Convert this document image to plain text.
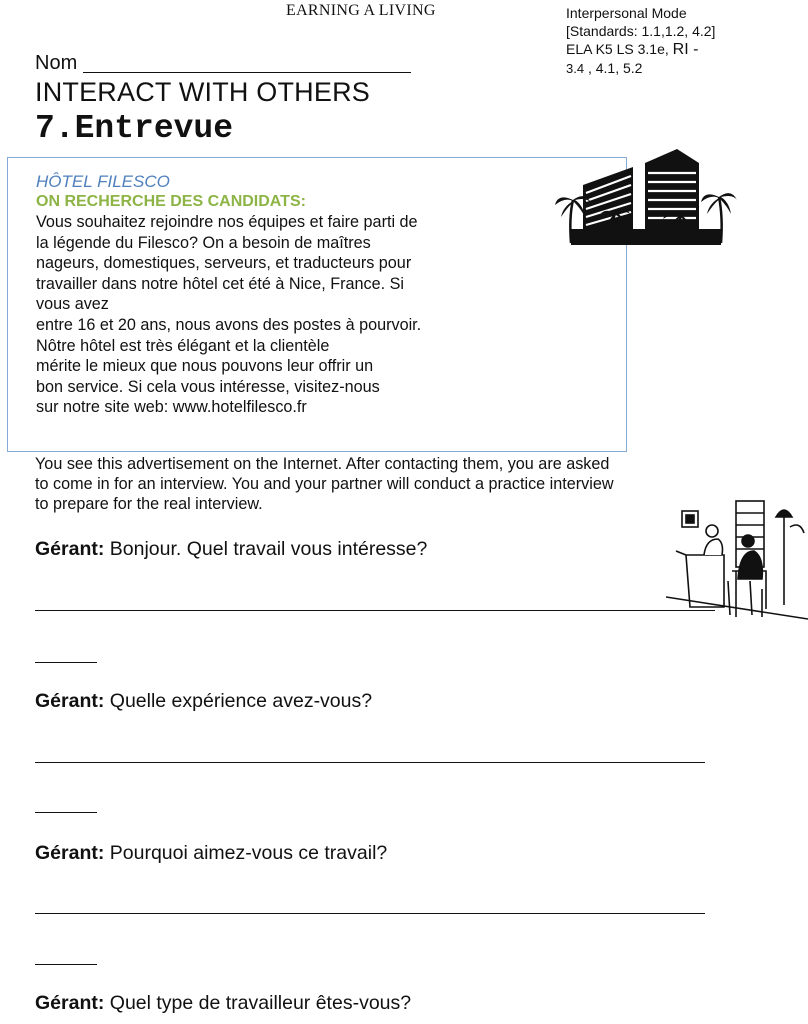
EARNING A LIVING	Interpersonal Mode
[Standards: 1.1,1.2, 4.2]
ELA K5 LS 3.1e, RI -
3.4 , 4.1, 5.2
Nom
INTERACT WITH OTHERS
7.Entrevue
HÔTEL FILESCO
ON RECHERCHE DES CANDIDATS:

Vous souhaitez rejoindre nos équipes et faire parti de

la légende du Filesco? On a besoin de maîtres

nageurs, domestiques, serveurs, et traducteurs pour

travailler dans notre hôtel cet été à Nice, France. Si

vous avez

entre 16 et 20 ans, nous avons des postes à pourvoir.

Nôtre hôtel est très élégant et la clientèle

mérite le mieux que nous pouvons leur offrir un

bon service. Si cela vous intéresse, visitez-nous

sur notre site web: www.hotelfilesco.fr

You see this advertisement on the Internet. After contacting them, you are asked

to come in for an interview. You and your partner will conduct a practice interview

to prepare for the real interview.

Gérant: Bonjour. Quel travail vous intéresse?
Gérant: Quelle expérience avez-vous?
Gérant: Pourquoi aimez-vous ce travail?
Gérant: Quel type de travailleur êtes-vous?
